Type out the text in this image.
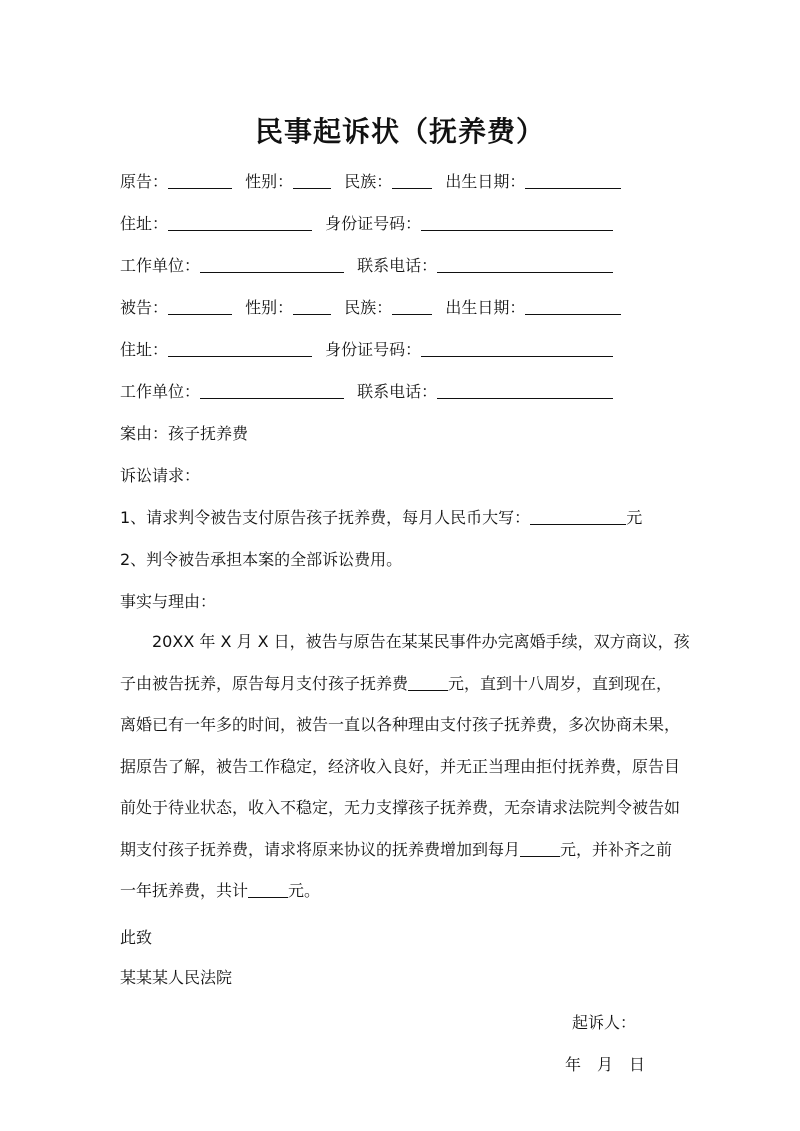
民事起诉状（抚养费）
原告：	性别：	民族：	出生日期：
住址：	身份证号码：
工作单位：	联系电话：
被告：	性别：	民族：	出生日期：
住址：	身份证号码：
工作单位：	联系电话：
案由：孩子抚养费
诉讼请求：
1、请求判令被告支付原告孩子抚养费，每月人民币大写：	元
2、判令被告承担本案的全部诉讼费用。
事实与理由：
20XX 年 X 月 X 日，被告与原告在某某民事件办完离婚手续，双方商议，孩
子由被告抚养，原告每月支付孩子抚养费	元，直到十八周岁，直到现在，
离婚已有一年多的时间，被告一直以各种理由支付孩子抚养费，多次协商未果，
据原告了解，被告工作稳定，经济收入良好，并无正当理由拒付抚养费，原告目
前处于待业状态，收入不稳定，无力支撑孩子抚养费，无奈请求法院判令被告如
期支付孩子抚养费，请求将原来协议的抚养费增加到每月	元，并补齐之前
一年抚养费，共计	元。
此致
某某某人民法院
起诉人：
年 月 日
